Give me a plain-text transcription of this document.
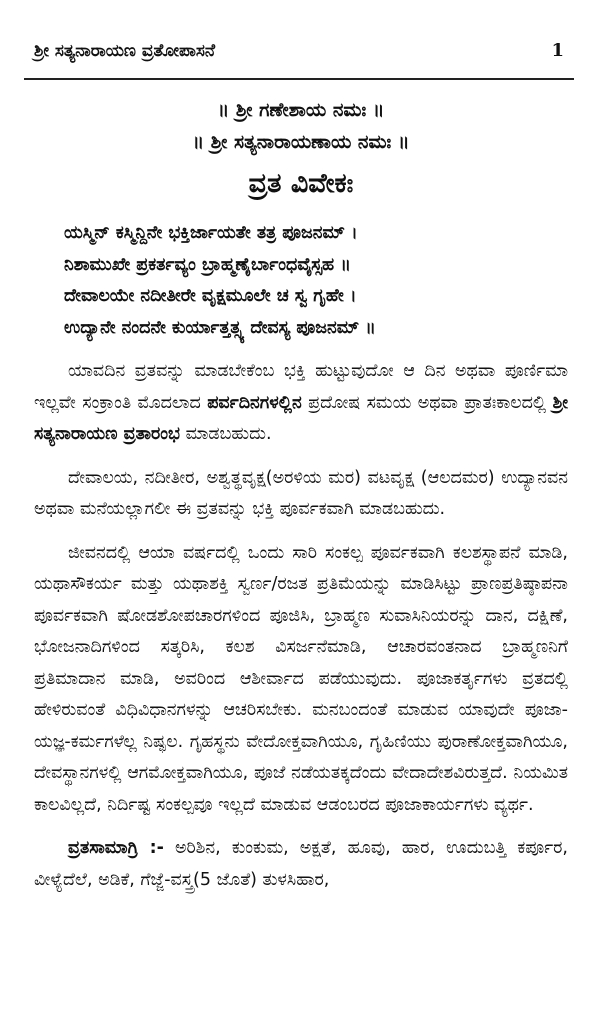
ಶ್ರೀ ಸತ್ಯನಾರಾಯಣ ವ್ರತೋಪಾಸನೆ	1
॥ ಶ್ರೀ ಗಣೇಶಾಯ ನಮಃ ॥
॥ ಶ್ರೀ ಸತ್ಯನಾರಾಯಣಾಯ ನಮಃ ॥
ವ್ರತ ವಿವೇಕಃ
ಯಸ್ಮಿನ್ ಕಸ್ಮಿನ್ದಿನೇ ಭಕ್ತಿರ್ಜಾಯತೇ ತತ್ರ ಪೂಜನಮ್ ।
ನಿಶಾಮುಖೇ ಪ್ರಕರ್ತವ್ಯಂ ಬ್ರಾಹ್ಮಣೈರ್ಬಾಂಧವೈಸ್ಸಹ ॥
ದೇವಾಲಯೇ ನದೀತೀರೇ ವೃಕ್ಷಮೂಲೇ ಚ ಸ್ವ ಗೃಹೇ ।
ಉದ್ಯಾನೇ ನಂದನೇ ಕುರ್ಯಾತ್ತತ್ಸ್ಯ ದೇವಸ್ಯ ಪೂಜನಮ್ ॥

ಯಾವದಿನ ವ್ರತವನ್ನು ಮಾಡಬೇಕೆಂಬ ಭಕ್ತಿ ಹುಟ್ಟುವುದೋ ಆ ದಿನ ಅಥವಾ ಪೂರ್ಣಿಮಾ ಇಲ್ಲವೇ ಸಂಕ್ರಾಂತಿ ಮೊದಲಾದ ಪರ್ವದಿನಗಳಲ್ಲಿನ ಪ್ರದೋಷ ಸಮಯ ಅಥವಾ ಪ್ರಾತಃಕಾಲದಲ್ಲಿ ಶ್ರೀ ಸತ್ಯನಾರಾಯಣ ವ್ರತಾರಂಭ ಮಾಡಬಹುದು.

ದೇವಾಲಯ, ನದೀತೀರ, ಅಶ್ವತ್ಥವೃಕ್ಷ(ಅರಳಿಯ ಮರ) ವಟವೃಕ್ಷ (ಆಲದಮರ) ಉದ್ಯಾನವನ ಅಥವಾ ಮನೆಯಲ್ಲಾಗಲೀ ಈ ವ್ರತವನ್ನು ಭಕ್ತಿ ಪೂರ್ವಕವಾಗಿ ಮಾಡಬಹುದು.

ಜೀವನದಲ್ಲಿ ಆಯಾ ವರ್ಷದಲ್ಲಿ ಒಂದು ಸಾರಿ ಸಂಕಲ್ಪ ಪೂರ್ವಕವಾಗಿ ಕಲಶಸ್ಥಾಪನೆ ಮಾಡಿ, ಯಥಾಸೌಕರ್ಯ ಮತ್ತು ಯಥಾಶಕ್ತಿ ಸ್ವರ್ಣ/ರಜತ ಪ್ರತಿಮೆಯನ್ನು ಮಾಡಿಸಿಟ್ಟು ಪ್ರಾಣಪ್ರತಿಷ್ಠಾಪನಾ ಪೂರ್ವಕವಾಗಿ ಷೋಡಶೋಪಚಾರಗಳಿಂದ ಪೂಜಿಸಿ, ಬ್ರಾಹ್ಮಣ ಸುವಾಸಿನಿಯರನ್ನು ದಾನ, ದಕ್ಷಿಣೆ, ಭೋಜನಾದಿಗಳಿಂದ ಸತ್ಕರಿಸಿ, ಕಲಶ ವಿಸರ್ಜನೆಮಾಡಿ, ಆಚಾರವಂತನಾದ ಬ್ರಾಹ್ಮಣನಿಗೆ ಪ್ರತಿಮಾದಾನ ಮಾಡಿ, ಅವರಿಂದ ಆಶೀರ್ವಾದ ಪಡೆಯುವುದು. ಪೂಜಾಕರ್ತೃಗಳು ವ್ರತದಲ್ಲಿ ಹೇಳಿರುವಂತೆ ವಿಧಿವಿಧಾನಗಳನ್ನು ಆಚರಿಸಬೇಕು. ಮನಬಂದಂತೆ ಮಾಡುವ ಯಾವುದೇ ಪೂಜಾ-ಯಜ್ಞ-ಕರ್ಮಗಳೆಲ್ಲ ನಿಷ್ಫಲ. ಗೃಹಸ್ಥನು ವೇದೋಕ್ತವಾಗಿಯೂ, ಗೃಹಿಣಿಯು ಪುರಾಣೋಕ್ತವಾಗಿಯೂ, ದೇವಸ್ಥಾನಗಳಲ್ಲಿ ಆಗಮೋಕ್ತವಾಗಿಯೂ, ಪೂಜೆ ನಡೆಯತಕ್ಕದೆಂದು ವೇದಾದೇಶವಿರುತ್ತದೆ. ನಿಯಮಿತ ಕಾಲವಿಲ್ಲದೆ, ನಿರ್ದಿಷ್ಟ ಸಂಕಲ್ಪವೂ ಇಲ್ಲದೆ ಮಾಡುವ ಆಡಂಬರದ ಪೂಜಾಕಾರ್ಯಗಳು ವ್ಯರ್ಥ.

ವ್ರತಸಾಮಾಗ್ರಿ :- ಅರಿಶಿನ, ಕುಂಕುಮ, ಅಕ್ಷತೆ, ಹೂವು, ಹಾರ, ಊದುಬತ್ತಿ ಕರ್ಪೂರ, ವೀಳ್ಯೆದೆಲೆ, ಅಡಿಕೆ, ಗೆಜ್ಜೆ-ವಸ್ತ್ರ(5 ಜೊತೆ) ತುಳಸಿಹಾರ,
